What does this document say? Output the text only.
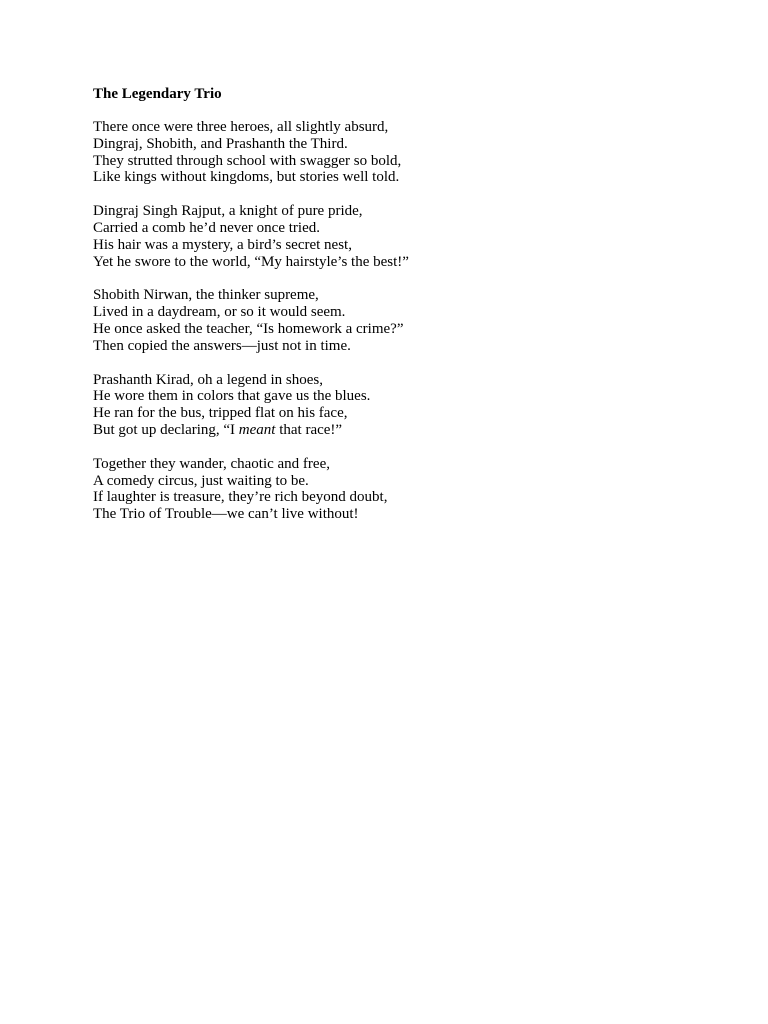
The Legendary Trio
There once were three heroes, all slightly absurd,
Dingraj, Shobith, and Prashanth the Third.
They strutted through school with swagger so bold,
Like kings without kingdoms, but stories well told.
Dingraj Singh Rajput, a knight of pure pride,
Carried a comb he’d never once tried.
His hair was a mystery, a bird’s secret nest,
Yet he swore to the world, “My hairstyle’s the best!”
Shobith Nirwan, the thinker supreme,
Lived in a daydream, or so it would seem.
He once asked the teacher, “Is homework a crime?”
Then copied the answers—just not in time.
Prashanth Kirad, oh a legend in shoes,
He wore them in colors that gave us the blues.
He ran for the bus, tripped flat on his face,
But got up declaring, “I meant that race!”
Together they wander, chaotic and free,
A comedy circus, just waiting to be.
If laughter is treasure, they’re rich beyond doubt,
The Trio of Trouble—we can’t live without!
